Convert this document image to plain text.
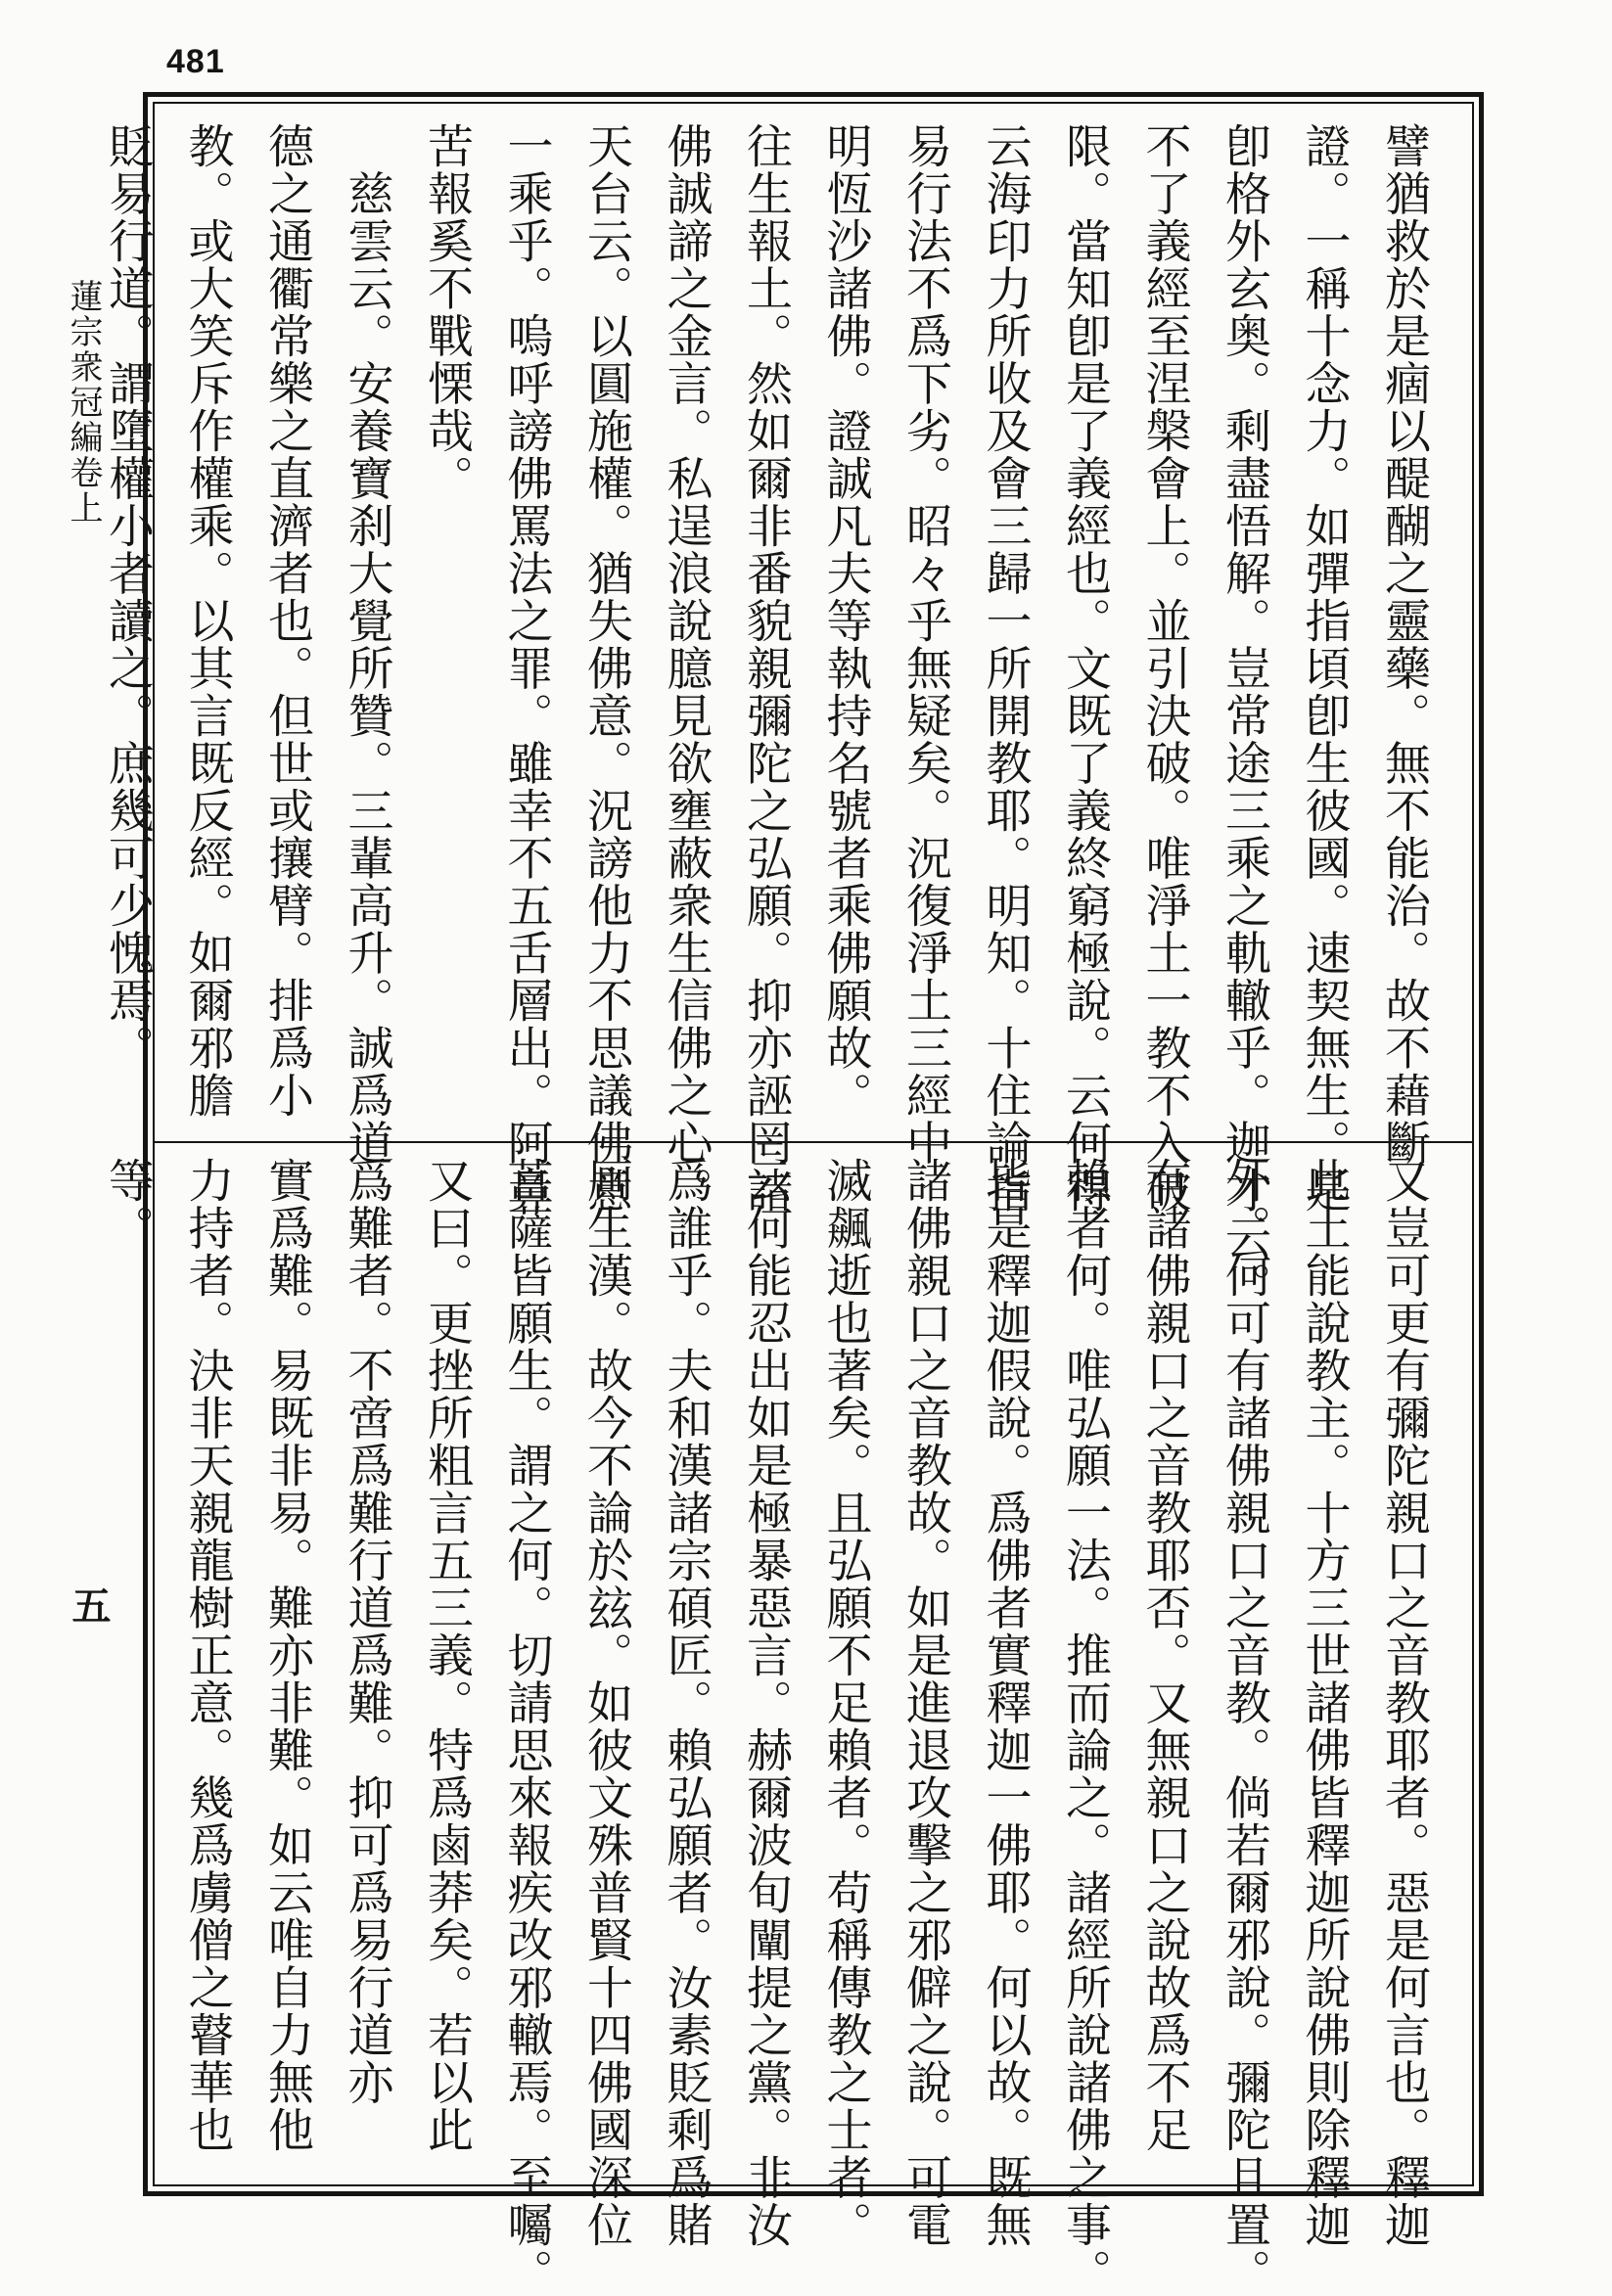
481
蓮宗衆冠編卷上
五
譬猶救於是痼以醍醐之靈藥。無不能治。故不藉斷
證。一稱十念力。如彈指頃卽生彼國。速契無生。是
卽格外玄奥。剩盡悟解。豈常途三乘之軌轍乎。迦才云。
不了義經至涅槃會上。並引決破。唯淨土一教不入破
限。當知卽是了義經也。文既了義終窮極說。云何得
云海印力所收及會三歸一所開教耶。明知。十住論指
易行法不爲下劣。昭々乎無疑矣。況復淨土三經中
明恆沙諸佛。證誠凡夫等執持名號者乘佛願故。
往生報土。然如爾非番貌親彌陀之弘願。抑亦誣罔諸
佛誠諦之金言。私逞浪說臆見欲壅蔽衆生信佛之心。
天台云。以圓施權。猶失佛意。況謗他力不思議佛意
一乘乎。嗚呼謗佛罵法之罪。雖幸不五舌層出。阿鼻
苦報奚不戰慄哉。
　慈雲云。安養寶刹大覺所贊。三輩高升。誠爲道
德之通衢常樂之直濟者也。但世或攘臂。排爲小
教。或大笑斥作權乘。以其言既反經。如爾邪膽
貶易行道。謂墮權小者讀之。庶幾可少愧焉。
又豈可更有彌陀親口之音教耶者。惡是何言也。釋迦
此土能說教主。十方三世諸佛皆釋迦所說佛則除釋迦
外。何可有諸佛親口之音教。倘若爾邪說。彌陀且置。
有諸佛親口之音教耶否。又無親口之說故爲不足
賴者何。唯弘願一法。推而論之。諸經所說諸佛之事。
皆是釋迦假說。爲佛者實釋迦一佛耶。何以故。既無
諸佛親口之音教故。如是進退攻擊之邪僻之說。可電
滅飆逝也著矣。且弘願不足賴者。苟稱傳教之士者。
云何能忍出如是極暴惡言。赫爾波旬闡提之黨。非汝
爲誰乎。夫和漢諸宗碩匠。賴弘願者。汝素貶剩爲賭
厠生漢。故今不論於玆。如彼文殊普賢十四佛國深位
菩薩皆願生。謂之何。切請思來報疾改邪轍焉。至囑。
又曰。更挫所粗言五三義。特爲鹵莽矣。若以此
爲難者。不啻爲難行道爲難。抑可爲易行道亦
實爲難。易既非易。難亦非難。如云唯自力無他
力持者。決非天親龍樹正意。幾爲虜僧之瞽華也
等。
